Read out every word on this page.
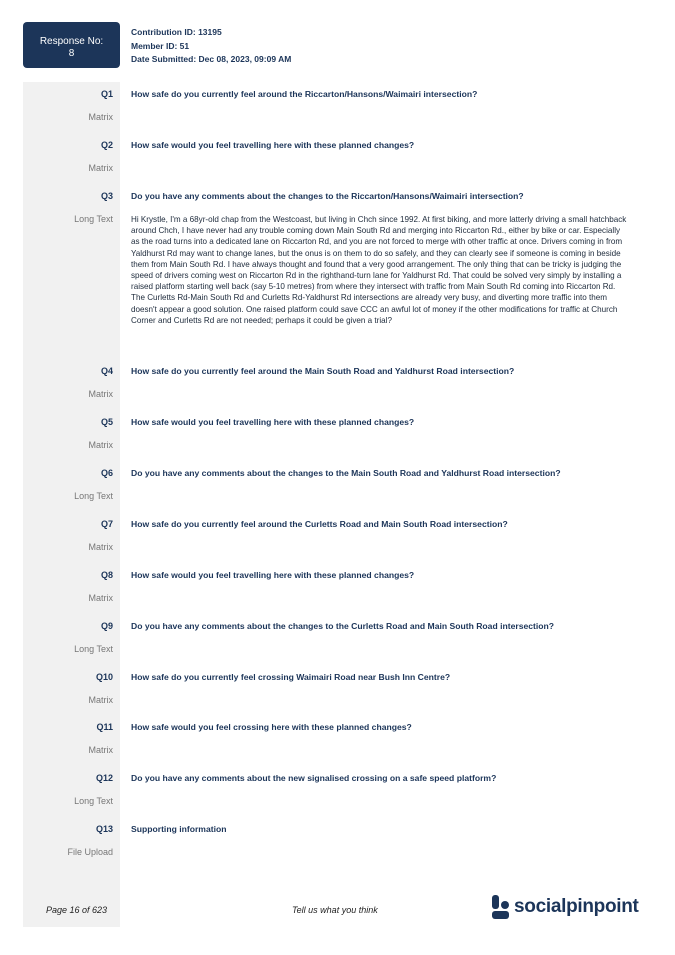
Response No:
8
Contribution ID: 13195
Member ID: 51
Date Submitted: Dec 08, 2023, 09:09 AM
Q1 How safe do you currently feel around the Riccarton/Hansons/Waimairi intersection?
Matrix
Q2 How safe would you feel travelling here with these planned changes?
Matrix
Q3 Do you have any comments about the changes to the Riccarton/Hansons/Waimairi intersection?
Long Text Hi Krystle, I'm a 68yr-old chap from the Westcoast, but living in Chch since 1992. At first biking, and more latterly driving a small hatchback around Chch, I have never had any trouble coming down Main South Rd and merging into Riccarton Rd., either by bike or car. Especially as the road turns into a dedicated lane on Riccarton Rd, and you are not forced to merge with other traffic at once. Drivers coming in from Yaldhurst Rd may want to change lanes, but the onus is on them to do so safely, and they can clearly see if someone is coming in beside them from Main South Rd. I have always thought and found that a very good arrangement. The only thing that can be tricky is judging the speed of drivers coming west on Riccarton Rd in the righthand-turn lane for Yaldhurst Rd. That could be solved very simply by installing a raised platform starting well back (say 5-10 metres) from where they intersect with traffic from Main South Rd coming into Riccarton Rd. The Curletts Rd-Main South Rd and Curletts Rd-Yaldhurst Rd intersections are already very busy, and diverting more traffic into them doesn't appear a good solution. One raised platform could save CCC an awful lot of money if the other modifications for traffic at Church Corner and Curletts Rd are not needed; perhaps it could be given a trial?
Q4 How safe do you currently feel around the Main South Road and Yaldhurst Road intersection?
Matrix
Q5 How safe would you feel travelling here with these planned changes?
Matrix
Q6 Do you have any comments about the changes to the Main South Road and Yaldhurst Road intersection?
Long Text
Q7 How safe do you currently feel around the Curletts Road and Main South Road intersection?
Matrix
Q8 How safe would you feel travelling here with these planned changes?
Matrix
Q9 Do you have any comments about the changes to the Curletts Road and Main South Road intersection?
Long Text
Q10 How safe do you currently feel crossing Waimairi Road near Bush Inn Centre?
Matrix
Q11 How safe would you feel crossing here with these planned changes?
Matrix
Q12 Do you have any comments about the new signalised crossing on a safe speed platform?
Long Text
Q13 Supporting information
File Upload
Page 16 of 623	Tell us what you think	socialpinpoint
